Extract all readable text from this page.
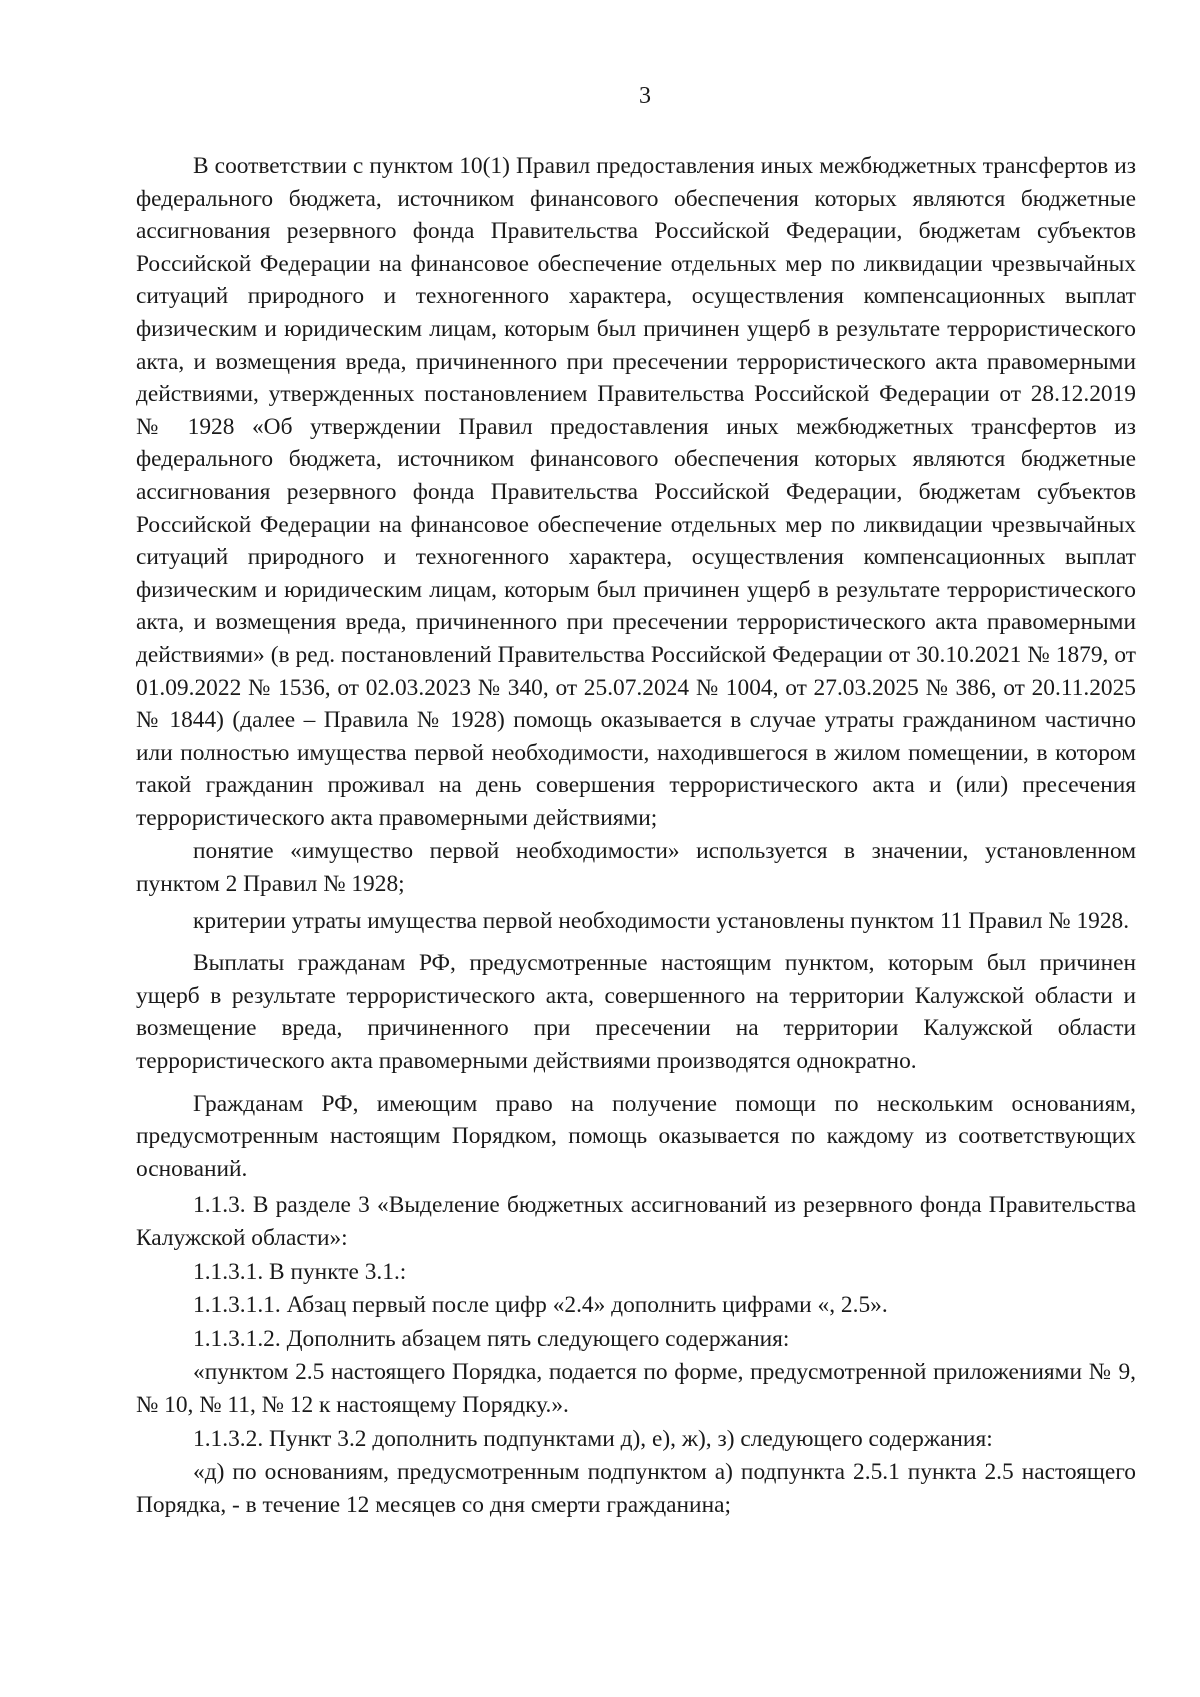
3

В соответствии с пунктом 10(1) Правил предоставления иных межбюджетных трансфертов из федерального бюджета, источником финансового обеспечения которых являются бюджетные ассигнования резервного фонда Правительства Российской Федерации, бюджетам субъектов Российской Федерации на финансовое обеспечение отдельных мер по ликвидации чрезвычайных ситуаций природного и техногенного характера, осуществления компенсационных выплат физическим и юридическим лицам, которым был причинен ущерб в результате террористического акта, и возмещения вреда, причиненного при пресечении террористического акта правомерными действиями, утвержденных постановлением Правительства Российской Федерации от 28.12.2019 № 1928 «Об утверждении Правил предоставления иных межбюджетных трансфертов из федерального бюджета, источником финансового обеспечения которых являются бюджетные ассигнования резервного фонда Правительства Российской Федерации, бюджетам субъектов Российской Федерации на финансовое обеспечение отдельных мер по ликвидации чрезвычайных ситуаций природного и техногенного характера, осуществления компенсационных выплат физическим и юридическим лицам, которым был причинен ущерб в результате террористического акта, и возмещения вреда, причиненного при пресечении террористического акта правомерными действиями» (в ред. постановлений Правительства Российской Федерации от 30.10.2021 № 1879, от 01.09.2022 № 1536, от 02.03.2023 № 340, от 25.07.2024 № 1004, от 27.03.2025 № 386, от 20.11.2025 № 1844) (далее – Правила № 1928) помощь оказывается в случае утраты гражданином частично или полностью имущества первой необходимости, находившегося в жилом помещении, в котором такой гражданин проживал на день совершения террористического акта и (или) пресечения террористического акта правомерными действиями;

понятие «имущество первой необходимости» используется в значении, установленном пунктом 2 Правил № 1928;

критерии утраты имущества первой необходимости установлены пунктом 11 Правил № 1928.

Выплаты гражданам РФ, предусмотренные настоящим пунктом, которым был причинен ущерб в результате террористического акта, совершенного на территории Калужской области и возмещение вреда, причиненного при пресечении на территории Калужской области террористического акта правомерными действиями производятся однократно.

Гражданам РФ, имеющим право на получение помощи по нескольким основаниям, предусмотренным настоящим Порядком, помощь оказывается по каждому из соответствующих оснований.

1.1.3. В разделе 3 «Выделение бюджетных ассигнований из резервного фонда Правительства Калужской области»:

1.1.3.1. В пункте 3.1.:

1.1.3.1.1. Абзац первый после цифр «2.4» дополнить цифрами «, 2.5».

1.1.3.1.2. Дополнить абзацем пять следующего содержания:

«пунктом 2.5 настоящего Порядка, подается по форме, предусмотренной приложениями № 9, № 10, № 11, № 12 к настоящему Порядку.».

1.1.3.2. Пункт 3.2 дополнить подпунктами д), е), ж), з) следующего содержания:

«д) по основаниям, предусмотренным подпунктом а) подпункта 2.5.1 пункта 2.5 настоящего Порядка, - в течение 12 месяцев со дня смерти гражданина;
